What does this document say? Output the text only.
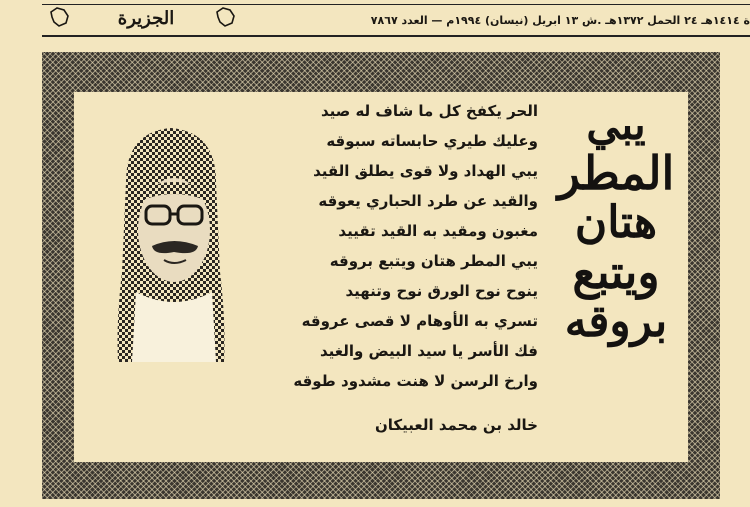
الجزيرة	ة ١٤١٤هـ ٢٤ الحمل ١٣٧٢هـ .ش ١٣ ابريل (نيسان) ١٩٩٤م — العدد ٧٨٦٧
الحر يكفخ كل ما شاف له صيد
وعليك طيري حابساته سبوقه
يبي الهداد ولا قوى يطلق القيد
والقيد عن طرد الحباري يعوقه
مغبون ومقيد به القيد تقييد
يبي المطر هتان ويتبع بروقه
ينوح نوح الورق نوح وتنهيد
تسري به الأوهام لا قصى عروقه
فك الأسر يا سيد البيض والغيد
وارخ الرسن لا هنت مشدود طوقه
خالد بن محمد العبيكان
يبي
المطر
هتان
ويتبع
بروقه
